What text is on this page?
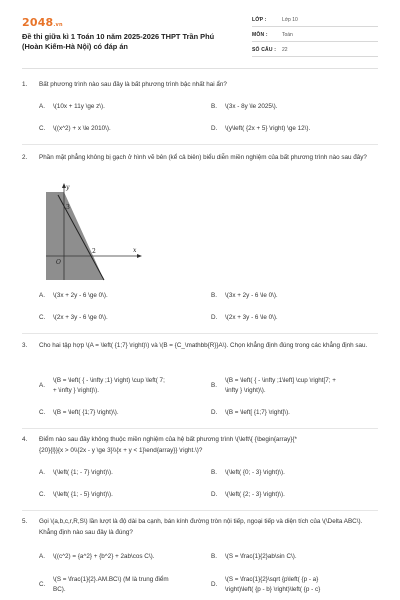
2048.vn
Đề thi giữa kì 1 Toán 10 năm 2025-2026 THPT Trần Phú (Hoàn Kiếm-Hà Nội) có đáp án
LỚP :	Lớp 10
MÔN :	Toán
SỐ CÂU :	22
1. Bất phương trình nào sau đây là bất phương trình bậc nhất hai ẩn?
A. \(10x + 11y \ge z\).	B. \(3x - 8y \le 2025\).
C. \((x^2) + x \le 2010\).	D. \(y\left( {2x + 5} \right) \ge 12\).
2. Phần mặt phẳng không bị gạch ở hình vẽ bên (kể cả biên) biểu diễn miền nghiệm của bất phương trình nào sau đây?
y
x
O
2
3
A. \(3x + 2y - 6 \ge 0\).	B. \(3x + 2y - 6 \le 0\).
C. \(2x + 3y - 6 \ge 0\).	D. \(2x + 3y - 6 \le 0\).
3. Cho hai tập hợp \(A = \left( {1;7} \right)\) và \(B = {C_\mathbb{R}}A\). Chọn khẳng định đúng trong các khẳng định sau.
A.
\(B = \left( { - \infty ;1} \right) \cup \left( 7;
+ \infty } \right)\).
B.
\(B = \left( { - \infty ;1\left] \cup \right[7; +
\infty } \right)\).
C. \(B = \left( {1;7} \right)\).	D. \(B = \left[ {1;7} \right]\).
4. Điểm nào sau đây không thuộc miền nghiệm của hệ bất phương trình \(\left\{ {\begin{array}{*
{20}{l}}{x > 0\\{2x - y \ge 3}\\{x + y < 1}\end{array}} \right.\)?
A. \(\left( {1; - 7} \right)\).	B. \(\left( {0; - 3} \right)\).
C. \(\left( {1; - 5} \right)\).	D. \(\left( {2; - 3} \right)\).
5. Gọi \(a,b,c,r,R,S\) lần lượt là độ dài ba cạnh, bán kính đường tròn nội tiếp, ngoại tiếp và diện tích của \(\Delta ABC\). Khẳng định nào sau đây là đúng?
A. \((c^2) = {a^2} + {b^2} + 2ab\cos C\).	B. \(S = \frac{1}{2}ab\sin C\).
C.
\(S = \frac{1}{2}.AM.BC\) (M là trung điểm
BC).
D.
\(S = \frac{1}{2}\sqrt {p\left( {p - a}
\right)\left( {p - b} \right)\left( {p - c}
